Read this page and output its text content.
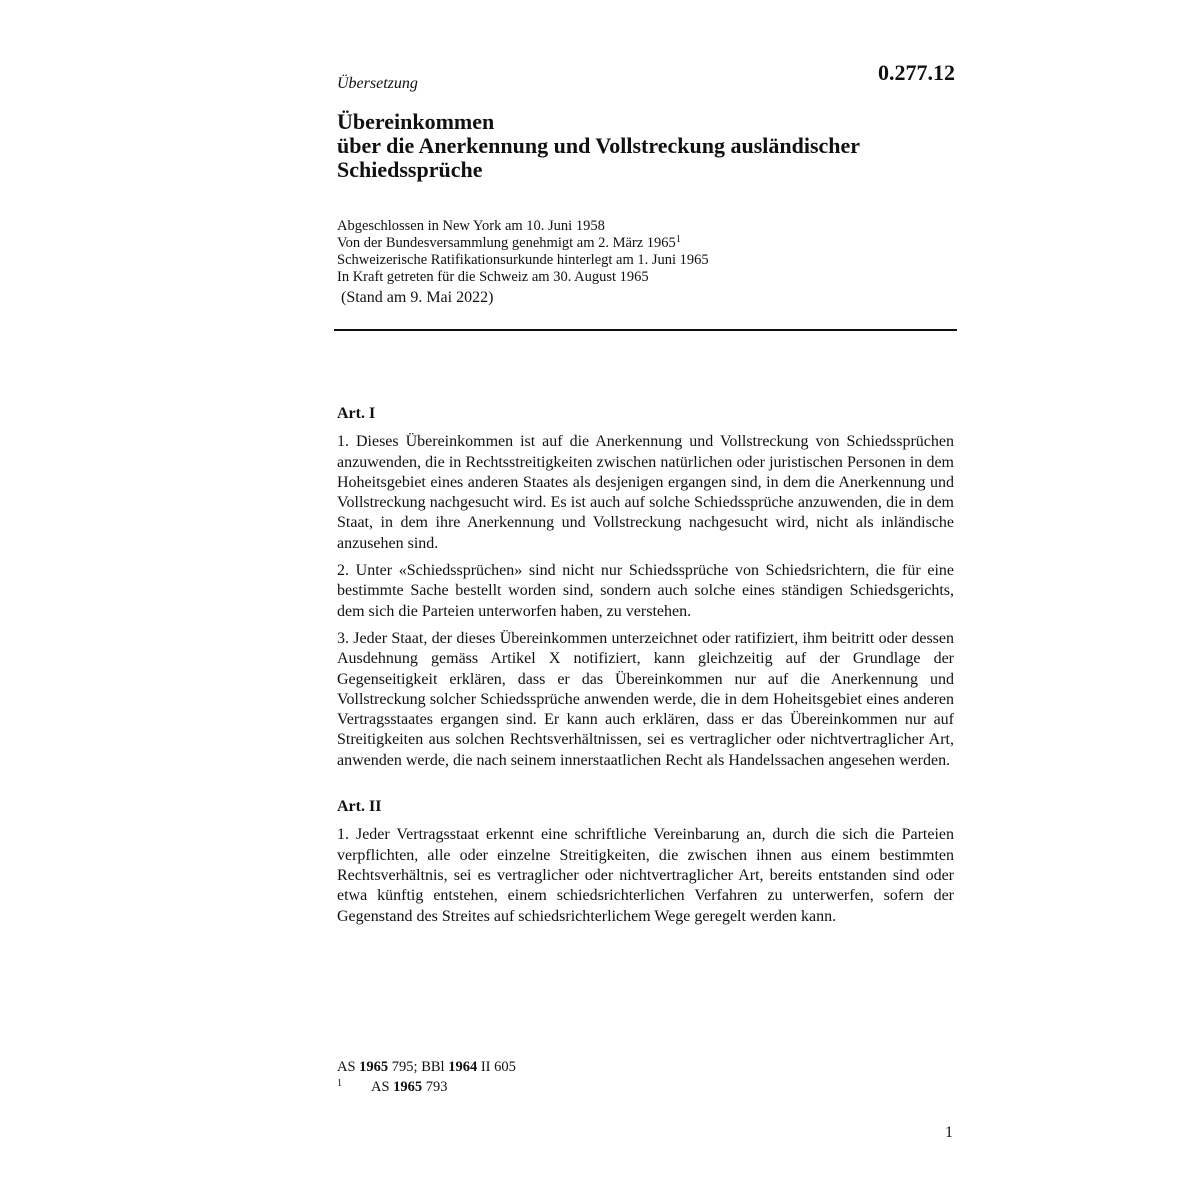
Übersetzung	0.277.12
Übereinkommen
über die Anerkennung und Vollstreckung ausländischer
Schiedssprüche
Abgeschlossen in New York am 10. Juni 1958
Von der Bundesversammlung genehmigt am 2. März 1965$^1$
Schweizerische Ratifikationsurkunde hinterlegt am 1. Juni 1965
In Kraft getreten für die Schweiz am 30. August 1965
(Stand am 9. Mai 2022)
Art. I

1. Dieses Übereinkommen ist auf die Anerkennung und Vollstreckung von Schiedssprüchen anzuwenden, die in Rechtsstreitigkeiten zwischen natürlichen oder juristischen Personen in dem Hoheitsgebiet eines anderen Staates als desjenigen ergangen sind, in dem die Anerkennung und Vollstreckung nachgesucht wird. Es ist auch auf solche Schiedssprüche anzuwenden, die in dem Staat, in dem ihre Anerkennung und Vollstreckung nachgesucht wird, nicht als inländische anzusehen sind.

2. Unter «Schiedssprüchen» sind nicht nur Schiedssprüche von Schiedsrichtern, die für eine bestimmte Sache bestellt worden sind, sondern auch solche eines ständigen Schiedsgerichts, dem sich die Parteien unterworfen haben, zu verstehen.

3. Jeder Staat, der dieses Übereinkommen unterzeichnet oder ratifiziert, ihm beitritt oder dessen Ausdehnung gemäss Artikel X notifiziert, kann gleichzeitig auf der Grundlage der Gegenseitigkeit erklären, dass er das Übereinkommen nur auf die Anerkennung und Vollstreckung solcher Schiedssprüche anwenden werde, die in dem Hoheitsgebiet eines anderen Vertragsstaates ergangen sind. Er kann auch erklären, dass er das Übereinkommen nur auf Streitigkeiten aus solchen Rechtsverhältnissen, sei es vertraglicher oder nichtvertraglicher Art, anwenden werde, die nach seinem innerstaatlichen Recht als Handelssachen angesehen werden.

Art. II

1. Jeder Vertragsstaat erkennt eine schriftliche Vereinbarung an, durch die sich die Parteien verpflichten, alle oder einzelne Streitigkeiten, die zwischen ihnen aus einem bestimmten Rechtsverhältnis, sei es vertraglicher oder nichtvertraglicher Art, bereits entstanden sind oder etwa künftig entstehen, einem schiedsrichterlichen Verfahren zu unterwerfen, sofern der Gegenstand des Streites auf schiedsrichterlichem Wege geregelt werden kann.

AS 1965 795; BBl 1964 II 605
1 AS 1965 793
1
